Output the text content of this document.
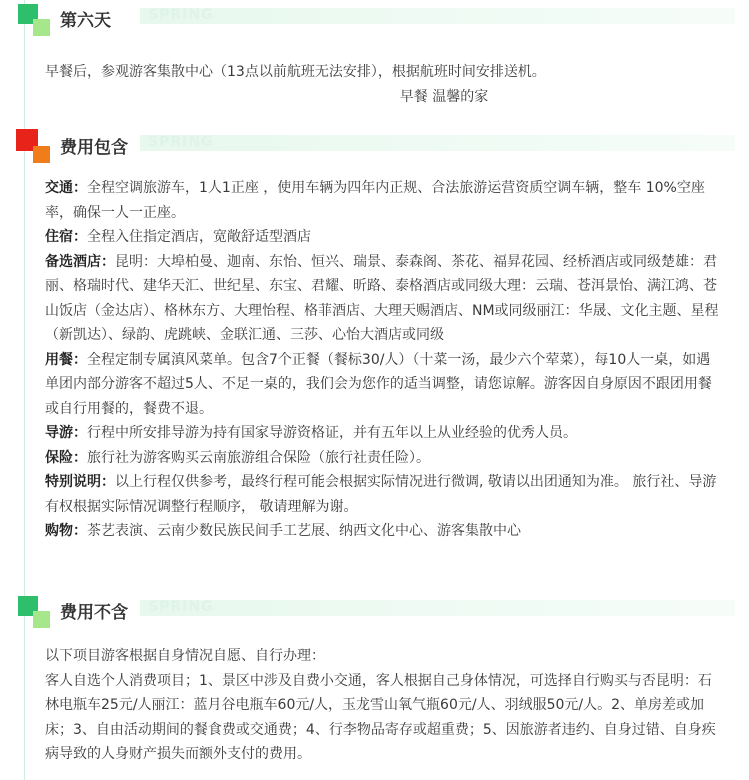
SPRING
第六天

早餐后，参观游客集散中心（13点以前航班无法安排），根据航班时间安排送机。

早餐 温馨的家

SPRING
费用包含

交通：全程空调旅游车，1人1正座 ，使用车辆为四年内正规、合法旅游运营资质空调车辆，整车 10%空座率，确保一人一正座。

住宿：全程入住指定酒店，宽敞舒适型酒店

备选酒店：昆明：大埠柏曼、迦南、东怡、恒兴、瑞景、泰森阁、茶花、福昇花园、经桥酒店或同级楚雄：君丽、格瑞时代、建华天汇、世纪星、东宝、君耀、昕路、泰格酒店或同级大理：云瑞、苍洱景怡、满江鸿、苍山饭店（金达店）、格林东方、大理怡程、格菲酒店、大理天赐酒店、NM或同级丽江：华晟、文化主题、星程（新凯达）、绿韵、虎跳峡、金联汇通、三莎、心怡大酒店或同级

用餐：全程定制专属滇风菜单。包含7个正餐（餐标30/人）（十菜一汤，最少六个荤菜），每10人一桌，如遇单团内部分游客不超过5人、不足一桌的，我们会为您作的适当调整，请您谅解。游客因自身原因不跟团用餐或自行用餐的，餐费不退。

导游：行程中所安排导游为持有国家导游资格证，并有五年以上从业经验的优秀人员。

保险：旅行社为游客购买云南旅游组合保险（旅行社责任险）。

特别说明：以上行程仅供参考，最终行程可能会根据实际情况进行微调, 敬请以出团通知为准。 旅行社、导游有权根据实际情况调整行程顺序， 敬请理解为谢。

购物：茶艺表演、云南少数民族民间手工艺展、纳西文化中心、游客集散中心

SPRING
费用不含

以下项目游客根据自身情况自愿、自行办理：

客人自选个人消费项目；1、景区中涉及自费小交通，客人根据自己身体情况，可选择自行购买与否昆明：石林电瓶车25元/人丽江：蓝月谷电瓶车60元/人，玉龙雪山氧气瓶60元/人、羽绒服50元/人。2、单房差或加床；3、自由活动期间的餐食费或交通费；4、行李物品寄存或超重费；5、因旅游者违约、自身过错、自身疾病导致的人身财产损失而额外支付的费用。
